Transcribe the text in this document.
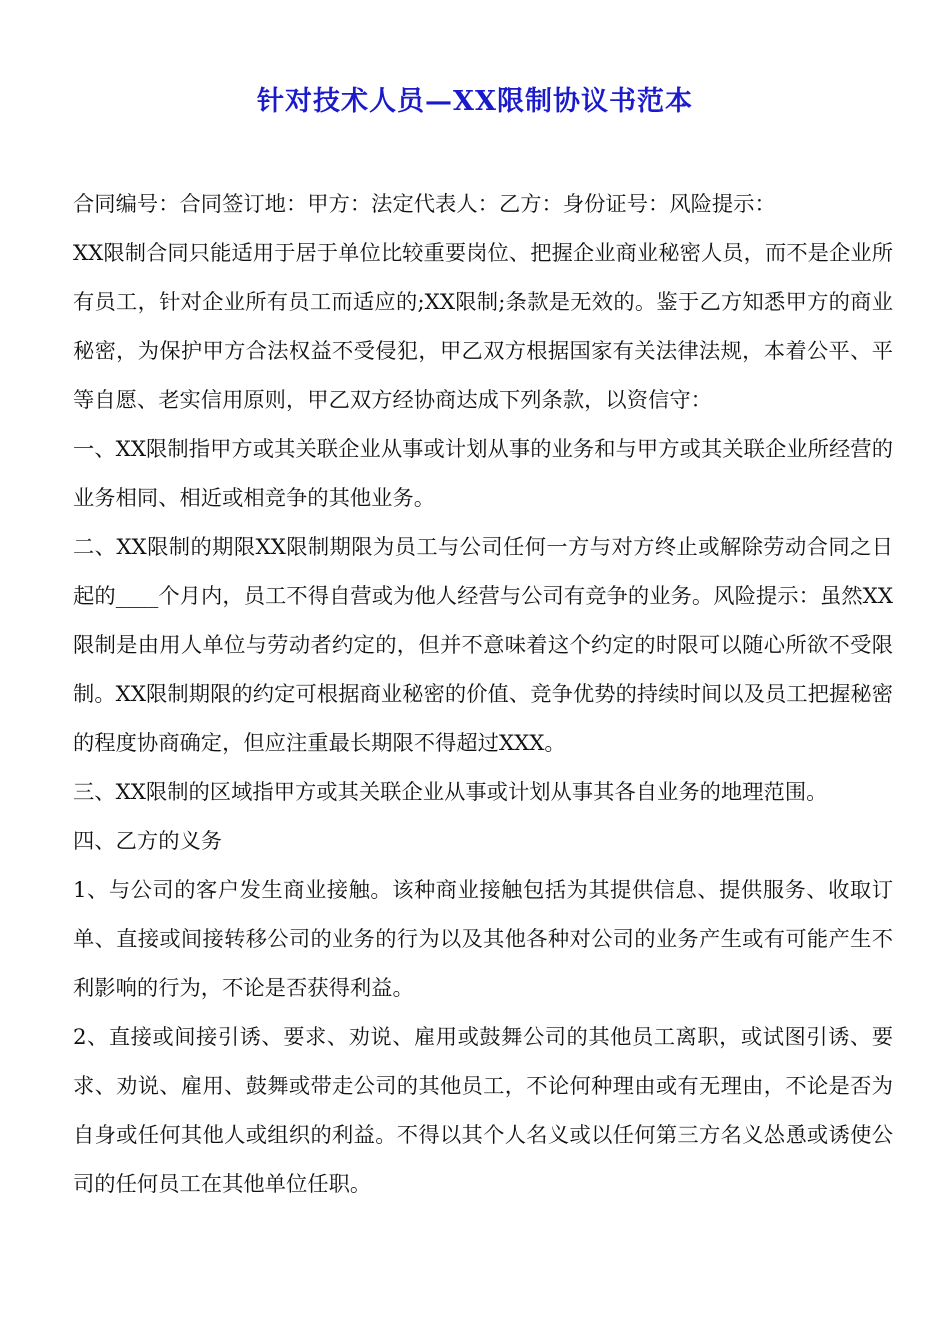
针对技术人员—XX限制协议书范本

合同编号：合同签订地：甲方：法定代表人：乙方：身份证号：风险提示：

XX限制合同只能适用于居于单位比较重要岗位、把握企业商业秘密人员，而不是企业所有员工，针对企业所有员工而适应的;XX限制;条款是无效的。鉴于乙方知悉甲方的商业秘密，为保护甲方合法权益不受侵犯，甲乙双方根据国家有关法律法规，本着公平、平等自愿、老实信用原则，甲乙双方经协商达成下列条款，以资信守：

一、XX限制指甲方或其关联企业从事或计划从事的业务和与甲方或其关联企业所经营的业务相同、相近或相竞争的其他业务。

二、XX限制的期限XX限制期限为员工与公司任何一方与对方终止或解除劳动合同之日起的____个月内，员工不得自营或为他人经营与公司有竞争的业务。风险提示：虽然XX限制是由用人单位与劳动者约定的，但并不意味着这个约定的时限可以随心所欲不受限制。XX限制期限的约定可根据商业秘密的价值、竞争优势的持续时间以及员工把握秘密的程度协商确定，但应注重最长期限不得超过XXX。

三、XX限制的区域指甲方或其关联企业从事或计划从事其各自业务的地理范围。

四、乙方的义务

1、与公司的客户发生商业接触。该种商业接触包括为其提供信息、提供服务、收取订单、直接或间接转移公司的业务的行为以及其他各种对公司的业务产生或有可能产生不利影响的行为，不论是否获得利益。

2、直接或间接引诱、要求、劝说、雇用或鼓舞公司的其他员工离职，或试图引诱、要求、劝说、雇用、鼓舞或带走公司的其他员工，不论何种理由或有无理由，不论是否为自身或任何其他人或组织的利益。不得以其个人名义或以任何第三方名义怂恿或诱使公司的任何员工在其他单位任职。
